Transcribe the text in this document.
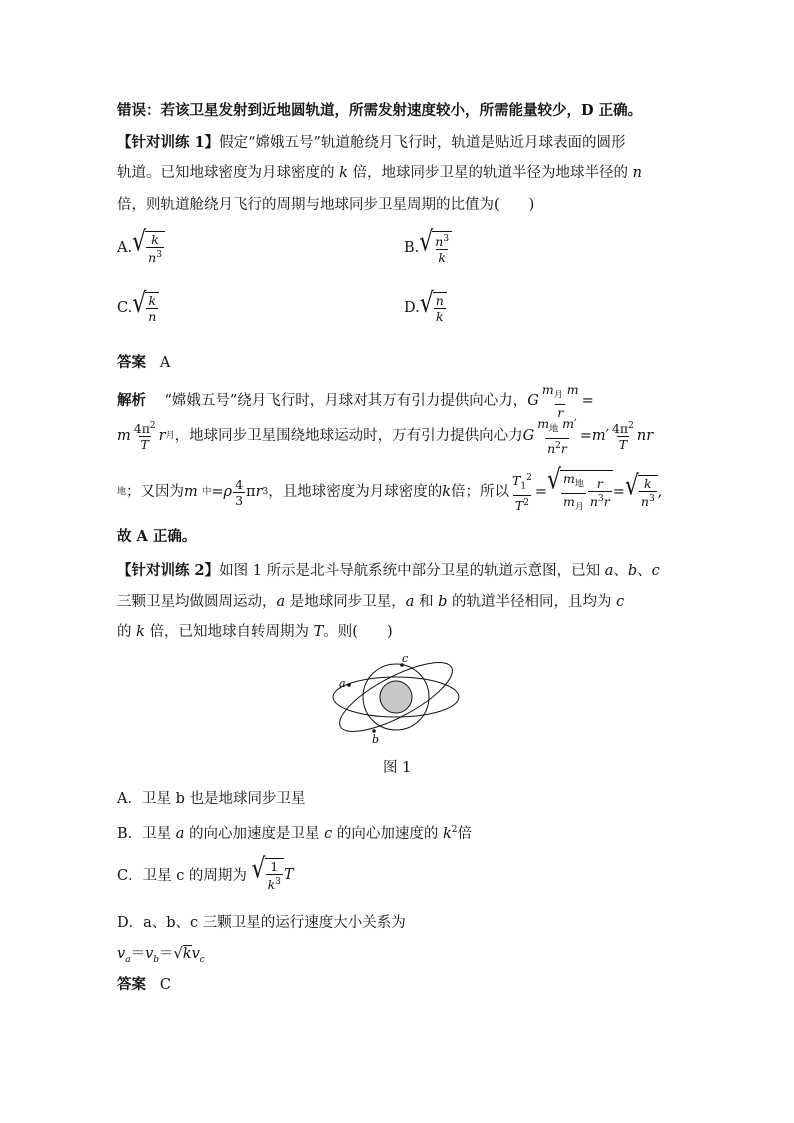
错误：若该卫星发射到近地圆轨道，所需发射速度较小，所需能量较少，D 正确。
【针对训练 1】假定“嫦娥五号”轨道舱绕月飞行时，轨道是贴近月球表面的圆形
轨道。已知地球密度为月球密度的 k 倍，地球同步卫星的轨道半径为地球半径的 n
倍，则轨道舱绕月飞行的周期与地球同步卫星周期的比值为(　　)
A. √ $\frac{k}{n^3}$	B. √ $\frac{n^3}{k}$
C. √ $\frac{k}{n}$	D. √ $\frac{n}{k}$
答案 A
解析
“嫦娥五号”绕月飞行时，月球对其万有引力提供向心力， G $\frac{m_月 m}{r}$ =
m $\frac{4\pi^2}{T}$ r 月 ，地球同步卫星围绕地球运动时，万有引力提供向心力 G $\frac{m_地 m'}{n^2r} = m$ ′ $\frac{4\pi^2}{T}$ n r
地 ；又因为 m
中 = ρ $\frac{4}{3}$ π r 3 ，且地球密度为月球密度的 k 倍；所以 $\frac{T_1^2}{T^2}$ = √ $\frac{m_地}{m_月} \frac{r}{n^3r}$ = √ $\frac{k}{n^3}$ ,
故 A 正确。
【针对训练 2】如图 1 所示是北斗导航系统中部分卫星的轨道示意图，已知 a、b、c
三颗卫星均做圆周运动，a 是地球同步卫星，a 和 b 的轨道半径相同，且均为 c
的 k 倍，已知地球自转周期为 T。则(　　)
a
b
c
图 1
A．卫星 b 也是地球同步卫星
B．卫星 a 的向心加速度是卫星 c 的向心加速度的 $k^2$倍
C．卫星 c 的周期为
√ $\frac{1}{k^3}$ T
D．a、b、c 三颗卫星的运行速度大小关系为
$v_a=v_b=√kv_c$
答案 C
